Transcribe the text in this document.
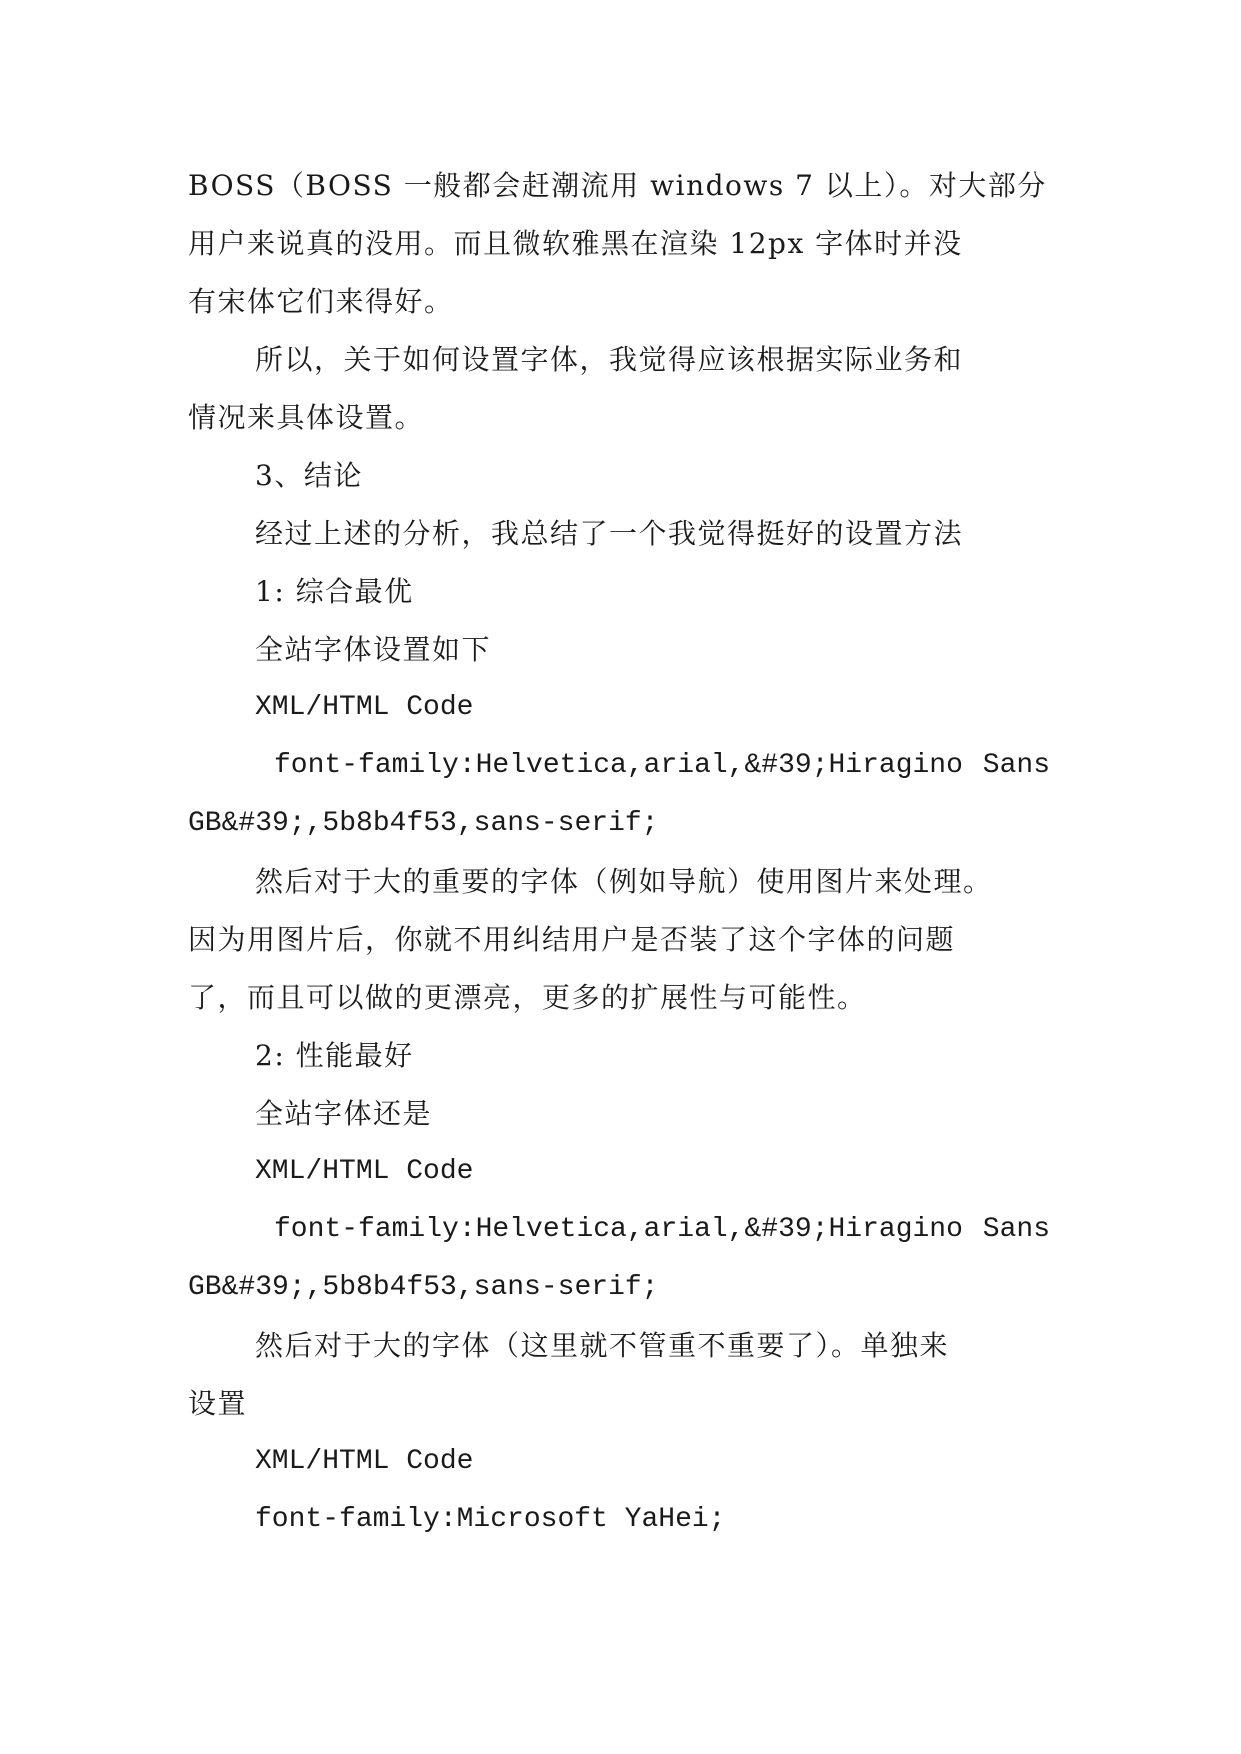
BOSS（BOSS 一般都会赶潮流用 windows 7 以上）。对大部分
用户来说真的没用。而且微软雅黑在渲染 12px 字体时并没
有宋体它们来得好。
所以，关于如何设置字体，我觉得应该根据实际业务和
情况来具体设置。
3、结论
经过上述的分析，我总结了一个我觉得挺好的设置方法
1: 综合最优
全站字体设置如下
XML/HTML Code
font-family:Helvetica,arial,&#39;Hiragino Sans
GB&#39;,5b8b4f53,sans-serif;
然后对于大的重要的字体（例如导航）使用图片来处理。
因为用图片后，你就不用纠结用户是否装了这个字体的问题
了，而且可以做的更漂亮，更多的扩展性与可能性。
2: 性能最好
全站字体还是
XML/HTML Code
font-family:Helvetica,arial,&#39;Hiragino Sans
GB&#39;,5b8b4f53,sans-serif;
然后对于大的字体（这里就不管重不重要了）。单独来
设置
XML/HTML Code
font-family:Microsoft YaHei;
